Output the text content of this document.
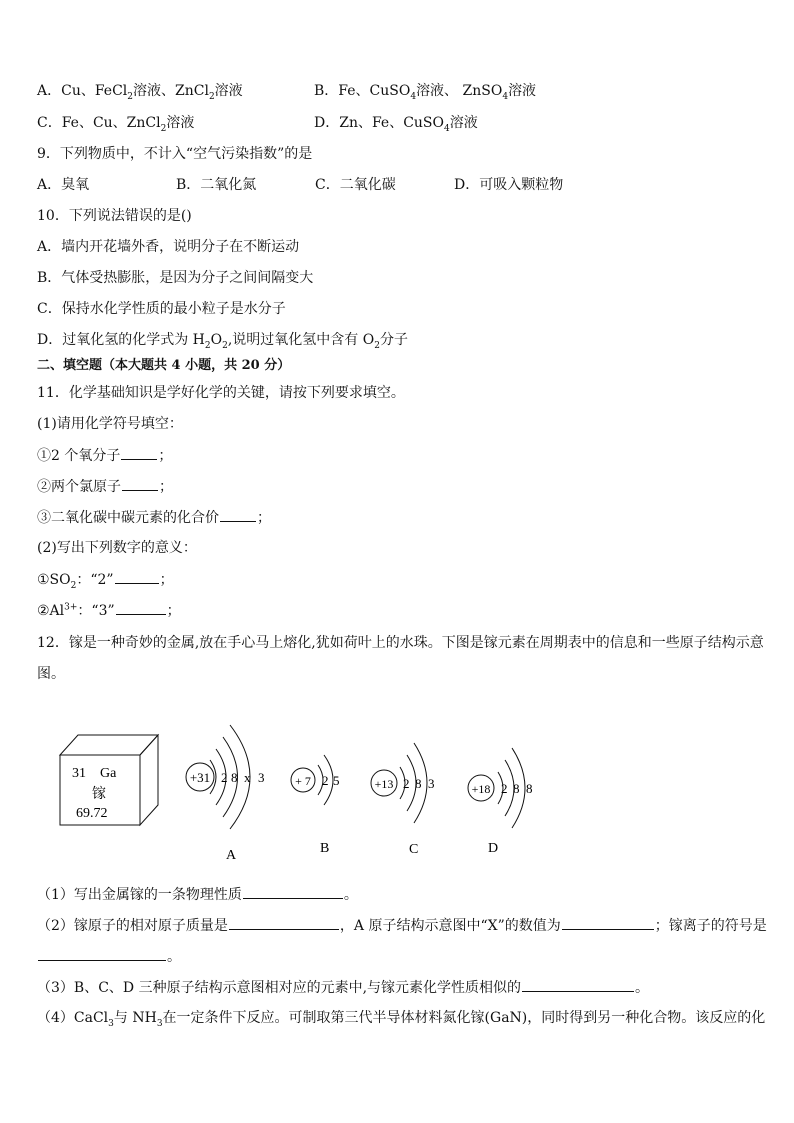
A．Cu、FeCl$_2$溶液、ZnCl$_2$溶液	B．Fe、CuSO$_4$溶液、 ZnSO$_4$溶液
C．Fe、Cu、ZnCl$_2$溶液	D．Zn、Fe、CuSO$_4$溶液
9．下列物质中，不计入“空气污染指数”的是
A．臭氧	B．二氧化氮	C．二氧化碳	D．可吸入颗粒物
10．下列说法错误的是()
A．墙内开花墙外香，说明分子在不断运动
B．气体受热膨胀，是因为分子之间间隔变大
C．保持水化学性质的最小粒子是水分子
D．过氧化氢的化学式为 $H_2O_2$,说明过氧化氢中含有 $O_2$分子
二、填空题（本大题共 4 小题，共 20 分）
11．化学基础知识是学好化学的关键，请按下列要求填空。
(1)请用化学符号填空：
①2 个氧分子	；
②两个氯原子	；
③二氧化碳中碳元素的化合价	；
(2)写出下列数字的意义：
$①SO_2$：“2”	；
$②Al^{3+}$：“3”	；
12．镓是一种奇妙的金属,放在手心马上熔化,犹如荷叶上的水珠。下图是镓元素在周期表中的信息和一些原子结构示意
图。
31 Ga
镓
69.72
+31 2 8 x 3
A
+ 7 2 5
B
+13 2 8 3
C
+18 2 8 8
D
（1）写出金属镓的一条物理性质	。
（2）镓原子的相对原子质量是	，A 原子结构示意图中“X”的数值为	；镓离子的符号是
。
（3）B、C、D 三种原子结构示意图相对应的元素中,与镓元素化学性质相似的	。
（4）CaCl$_3$与 $NH_3$在一定条件下反应。可制取第三代半导体材料氮化镓(GaN)，同时得到另一种化合物。该反应的化
